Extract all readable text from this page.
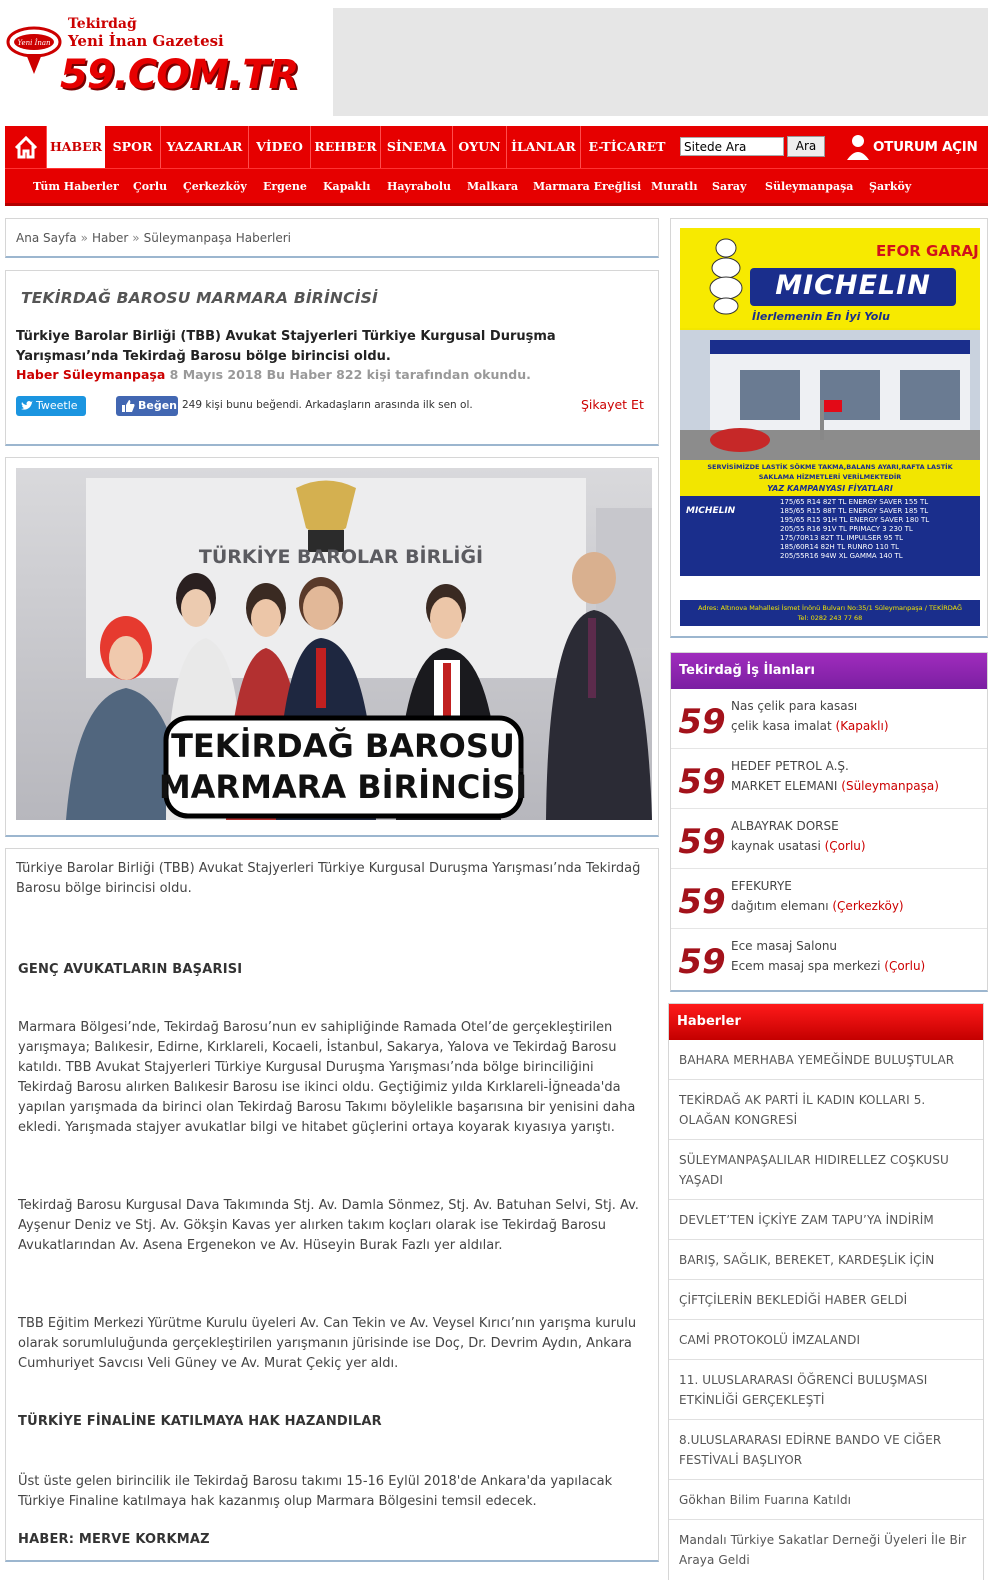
Yeni İnan
Tekirdağ
Yeni İnan Gazetesi
59.COM.TR
HABER SPOR	YAZARLAR	VİDEO REHBER SİNEMA OYUN İLANLAR	E-TİCARET
Sitede Ara	Ara	OTURUM AÇIN
Tüm Haberler Çorlu Çerkezköy Ergene Kapaklı Hayrabolu Malkara Marmara Ereğlisi Muratlı Saray Süleymanpaşa Şarköy
Ana Sayfa » Haber » Süleymanpaşa Haberleri
TEKİRDAĞ BAROSU MARMARA BİRİNCİSİ
Türkiye Barolar Birliği (TBB) Avukat Stajyerleri Türkiye Kurgusal Duruşma Yarışması’nda Tekirdağ Barosu bölge birincisi oldu.
Haber Süleymanpaşa 8 Mayıs 2018 Bu Haber 822 kişi tarafından okundu.
Tweetle	Beğen 249 kişi bunu beğendi. Arkadaşların arasında ilk sen ol.	Şikayet Et
TEKİRDAĞ BAROSU
MARMARA BİRİNCİSİ
TÜRKİYE BAROLAR BİRLİĞİ
Türkiye Barolar Birliği (TBB) Avukat Stajyerleri Türkiye Kurgusal Duruşma Yarışması’nda Tekirdağ Barosu bölge birincisi oldu.
GENÇ AVUKATLARIN BAŞARISI
Marmara Bölgesi’nde, Tekirdağ Barosu’nun ev sahipliğinde Ramada Otel’de gerçekleştirilen yarışmaya; Balıkesir, Edirne, Kırklareli, Kocaeli, İstanbul, Sakarya, Yalova ve Tekirdağ Barosu katıldı. TBB Avukat Stajyerleri Türkiye Kurgusal Duruşma Yarışması’nda bölge birinciliğini Tekirdağ Barosu alırken Balıkesir Barosu ise ikinci oldu. Geçtiğimiz yılda Kırklareli-İğneada'da yapılan yarışmada da birinci olan Tekirdağ Barosu Takımı böylelikle başarısına bir yenisini daha ekledi. Yarışmada stajyer avukatlar bilgi ve hitabet güçlerini ortaya koyarak kıyasıya yarıştı.
Tekirdağ Barosu Kurgusal Dava Takımında Stj. Av. Damla Sönmez, Stj. Av. Batuhan Selvi, Stj. Av. Ayşenur Deniz ve Stj. Av. Gökşin Kavas yer alırken takım koçları olarak ise Tekirdağ Barosu Avukatlarından Av. Asena Ergenekon ve Av. Hüseyin Burak Fazlı yer aldılar.
TBB Eğitim Merkezi Yürütme Kurulu üyeleri Av. Can Tekin ve Av. Veysel Kırıcı’nın yarışma kurulu olarak sorumluluğunda gerçekleştirilen yarışmanın jürisinde ise Doç, Dr. Devrim Aydın, Ankara Cumhuriyet Savcısı Veli Güney ve Av. Murat Çekiç yer aldı.
TÜRKİYE FİNALİNE KATILMAYA HAK HAZANDILAR
Üst üste gelen birincilik ile Tekirdağ Barosu takımı 15-16 Eylül 2018'de Ankara'da yapılacak Türkiye Finaline katılmaya hak kazanmış olup Marmara Bölgesini temsil edecek.
HABER: MERVE KORKMAZ
EFOR GARAJ
MICHELIN
İlerlemenin En İyi Yolu
SERVİSİMİZDE LASTİK SÖKME TAKMA,BALANS AYARI,RAFTA LASTİK SAKLAMA HİZMETLERİ VERİLMEKTEDİR
YAZ KAMPANYASI FİYATLARI
MICHELIN
175/65 R14 82T TL ENERGY SAVER 155 TL
185/65 R15 88T TL ENERGY SAVER 185 TL
195/65 R15 91H TL ENERGY SAVER 180 TL
205/55 R16 91V TL PRIMACY 3 230 TL
175/70R13 82T TL IMPULSER 95 TL
185/60R14 82H TL RUNRO 110 TL
205/55R16 94W XL GAMMA 140 TL
Adres: Altınova Mahallesi İsmet İnönü Bulvarı No:35/1 Süleymanpaşa / TEKİRDAĞ
Tel: 0282 243 77 68
Tekirdağ İş İlanları
59 Nas çelik para kasası
çelik kasa imalat (Kapaklı)
59 HEDEF PETROL A.Ş.
MARKET ELEMANI (Süleymanpaşa)
59 ALBAYRAK DORSE
kaynak usatasi (Çorlu)
59 EFEKURYE
dağıtım elemanı (Çerkezköy)
59 Ece masaj Salonu
Ecem masaj spa merkezi (Çorlu)
Haberler
BAHARA MERHABA YEMEĞİNDE BULUŞTULAR
TEKİRDAĞ AK PARTİ İL KADIN KOLLARI 5. OLAĞAN KONGRESİ
SÜLEYMANPAŞALILAR HIDIRELLEZ COŞKUSU YAŞADI
DEVLET’TEN İÇKİYE ZAM TAPU’YA İNDİRİM
BARIŞ, SAĞLIK, BEREKET, KARDEŞLİK İÇİN
ÇİFTÇİLERİN BEKLEDİĞİ HABER GELDİ
CAMİ PROTOKOLÜ İMZALANDI
11. ULUSLARARASI ÖĞRENCİ BULUŞMASI ETKİNLİĞİ GERÇEKLEŞTİ
8.ULUSLARARASI EDİRNE BANDO VE CİĞER FESTİVALİ BAŞLIYOR
Gökhan Bilim Fuarına Katıldı
Mandalı Türkiye Sakatlar Derneği Üyeleri İle Bir Araya Geldi
